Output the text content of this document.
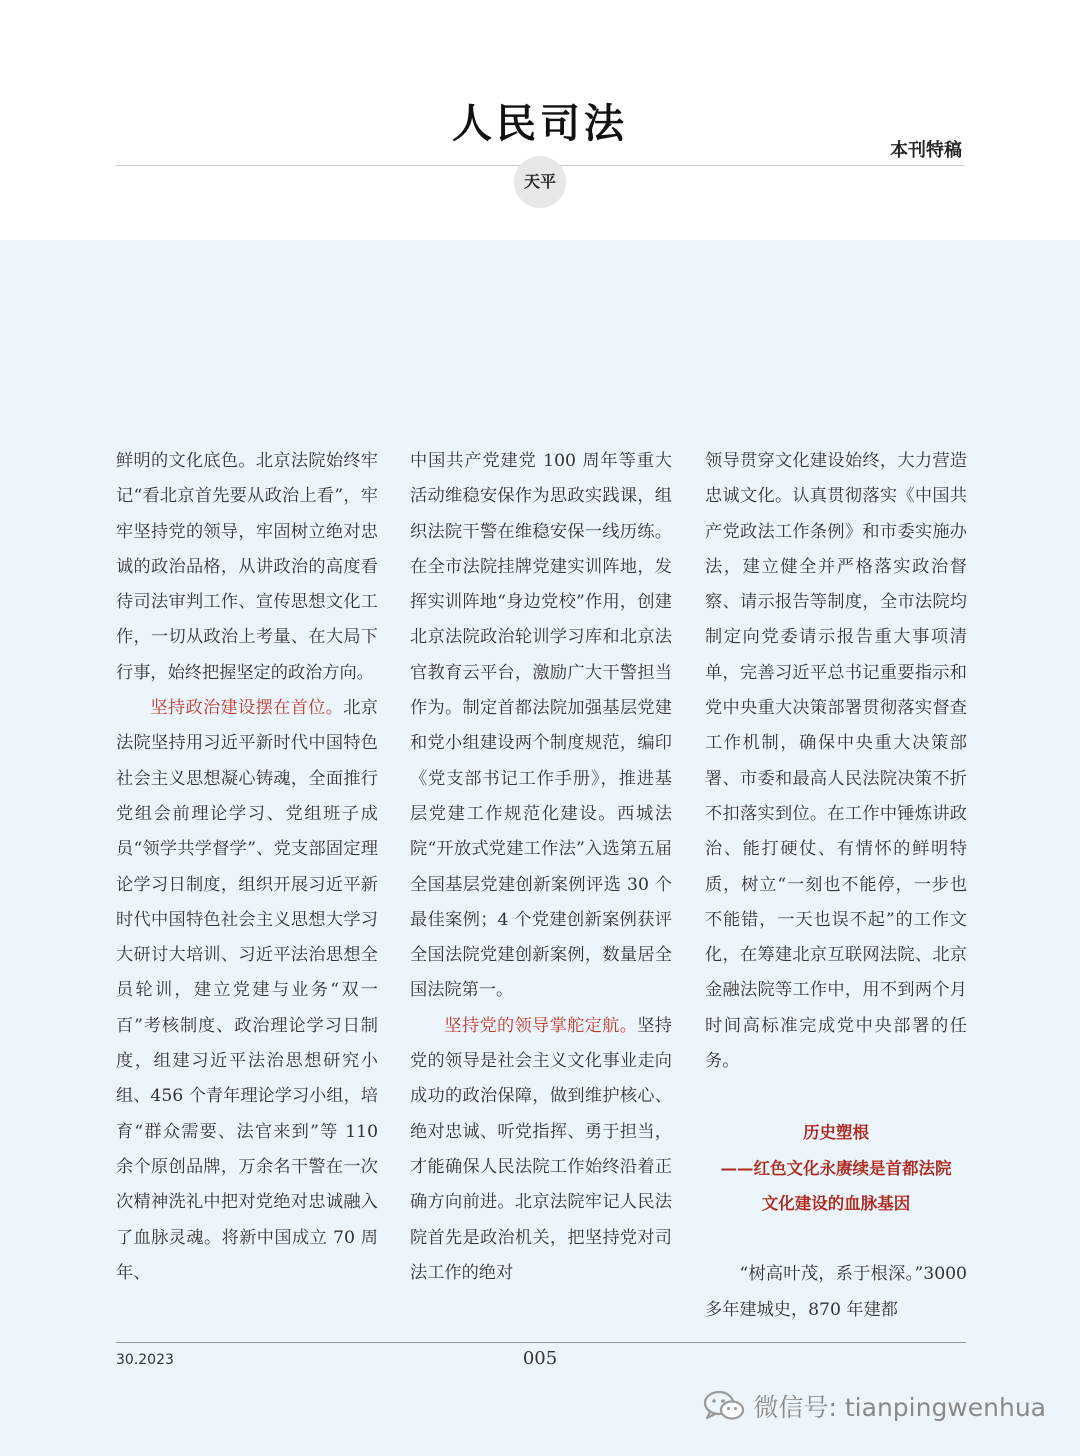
人民司法
本刊特稿
天平

鲜明的文化底色。北京法院始终牢记“看北京首先要从政治上看”，牢牢坚持党的领导，牢固树立绝对忠诚的政治品格，从讲政治的高度看待司法审判工作、宣传思想文化工作，一切从政治上考量、在大局下行事，始终把握坚定的政治方向。

坚持政治建设摆在首位。北京法院坚持用习近平新时代中国特色社会主义思想凝心铸魂，全面推行党组会前理论学习、党组班子成员“领学共学督学”、党支部固定理论学习日制度，组织开展习近平新时代中国特色社会主义思想大学习大研讨大培训、习近平法治思想全员轮训，建立党建与业务“双一百”考核制度、政治理论学习日制度，组建习近平法治思想研究小组、456 个青年理论学习小组，培育“群众需要、法官来到”等 110 余个原创品牌，万余名干警在一次次精神洗礼中把对党绝对忠诚融入了血脉灵魂。将新中国成立 70 周年、

中国共产党建党 100 周年等重大活动维稳安保作为思政实践课，组织法院干警在维稳安保一线历练。在全市法院挂牌党建实训阵地，发挥实训阵地“身边党校”作用，创建北京法院政治轮训学习库和北京法官教育云平台，激励广大干警担当作为。制定首都法院加强基层党建和党小组建设两个制度规范，编印《党支部书记工作手册》，推进基层党建工作规范化建设。西城法院“开放式党建工作法”入选第五届全国基层党建创新案例评选 30 个最佳案例；4 个党建创新案例获评全国法院党建创新案例，数量居全国法院第一。

坚持党的领导掌舵定航。坚持党的领导是社会主义文化事业走向成功的政治保障，做到维护核心、绝对忠诚、听党指挥、勇于担当，才能确保人民法院工作始终沿着正确方向前进。北京法院牢记人民法院首先是政治机关，把坚持党对司法工作的绝对

领导贯穿文化建设始终，大力营造忠诚文化。认真贯彻落实《中国共产党政法工作条例》和市委实施办法，建立健全并严格落实政治督察、请示报告等制度，全市法院均制定向党委请示报告重大事项清单，完善习近平总书记重要指示和党中央重大决策部署贯彻落实督查工作机制，确保中央重大决策部署、市委和最高人民法院决策不折不扣落实到位。在工作中锤炼讲政治、能打硬仗、有情怀的鲜明特质，树立“一刻也不能停，一步也不能错，一天也误不起”的工作文化，在筹建北京互联网法院、北京金融法院等工作中，用不到两个月时间高标准完成党中央部署的任务。

历史塑根
——红色文化永赓续是首都法院
文化建设的血脉基因

“树高叶茂，系于根深。”3000 多年建城史，870 年建都

30.2023	005
微信号: tianpingwenhua
